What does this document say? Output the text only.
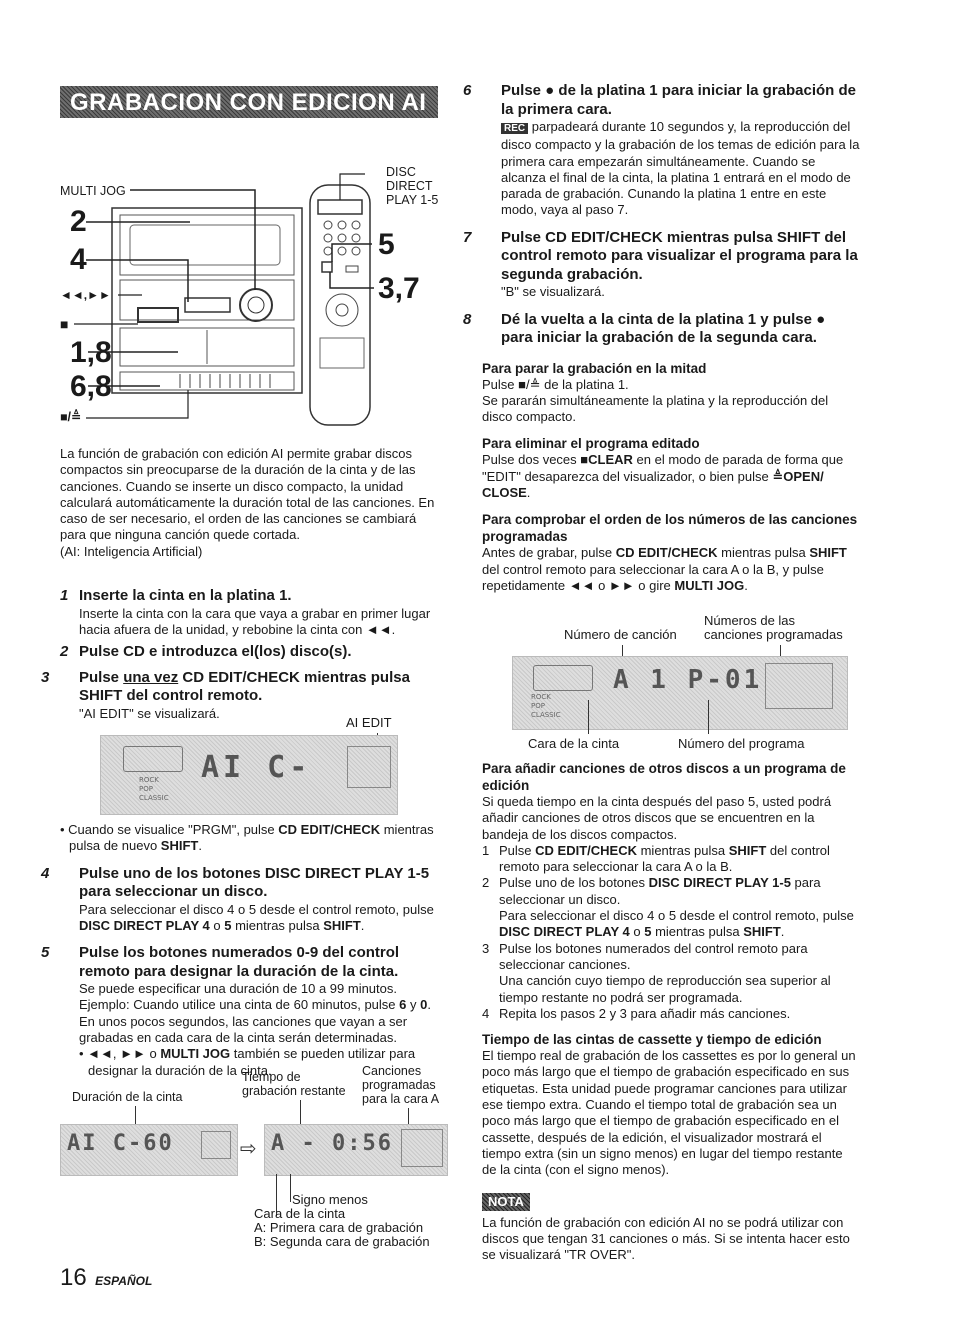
GRABACION CON EDICION AI
MULTI JOG
DISC
DIRECT
PLAY 1-5
2
4
◄◄,►►
■
1,8
6,8
■/≜
5
3,7

La función de grabación con edición AI permite grabar discos compactos sin preocuparse de la duración de la cinta y de las canciones. Cuando se inserte un disco compacto, la unidad calculará automáticamente la duración total de las canciones. En caso de ser necesario, el orden de las canciones se cambiará para que ninguna canción quede cortada.

(AI: Inteligencia Artificial)

1 Inserte la cinta en la platina 1.

Inserte la cinta con la cara que vaya a grabar en primer lugar hacia afuera de la unidad, y rebobine la cinta con ◄◄.

2 Pulse CD e introduzca el(los) disco(s).

3 Pulse una vez CD EDIT/CHECK mientras pulsa SHIFT del control remoto.

"AI EDIT" se visualizará.

AI EDIT
ROCK
POP
CLASSIC
AI C-

• Cuando se visualice "PRGM", pulse CD EDIT/CHECK mientras pulsa de nuevo SHIFT.

4 Pulse uno de los botones DISC DIRECT PLAY 1-5 para seleccionar un disco.

Para seleccionar el disco 4 o 5 desde el control remoto, pulse DISC DIRECT PLAY 4 o 5 mientras pulsa SHIFT.

5 Pulse los botones numerados 0-9 del control remoto para designar la duración de la cinta.

Se puede especificar una duración de 10 a 99 minutos.

Ejemplo: Cuando utilice una cinta de 60 minutos, pulse 6 y 0.

En unos pocos segundos, las canciones que vayan a ser grabadas en cada cara de la cinta serán determinadas.

• ◄◄, ►► o MULTI JOG también se pueden utilizar para designar la duración de la cinta.

Duración de la cinta
Tiempo de
grabación restante
Canciones
programadas
para la cara A
AI C-60	⇨ A - 0:56
Signo menos
Cara de la cinta
A: Primera cara de grabación
B: Segunda cara de grabación
16 ESPAÑOL

6 Pulse ● de la platina 1 para iniciar la grabación de la primera cara.

REC parpadeará durante 10 segundos y, la reproducción del disco compacto y la grabación de los temas de edición para la primera cara empezarán simultáneamente. Cuando se alcanza el final de la cinta, la platina 1 entrará en el modo de parada de grabación. Cunando la platina 1 entre en este modo, vaya al paso 7.

7 Pulse CD EDIT/CHECK mientras pulsa SHIFT del control remoto para visualizar el programa para la segunda grabación.

"B" se visualizará.

8 Dé la vuelta a la cinta de la platina 1 y pulse ● para iniciar la grabación de la segunda cara.

Para parar la grabación en la mitad

Pulse ■/≜ de la platina 1.

Se pararán simultáneamente la platina y la reproducción del disco compacto.

Para eliminar el programa editado

Pulse dos veces ■CLEAR en el modo de parada de forma que "EDIT" desaparezca del visualizador, o bien pulse ≜OPEN/ CLOSE.

Para comprobar el orden de los números de las canciones programadas

Antes de grabar, pulse CD EDIT/CHECK mientras pulsa SHIFT del control remoto para seleccionar la cara A o la B, y pulse repetidamente ◄◄ o ►► o gire MULTI JOG.

Números de las
canciones programadas
Número de canción
ROCK
POP
CLASSIC
A 1 P-01
Cara de la cinta	Número del programa

Para añadir canciones de otros discos a un programa de edición

Si queda tiempo en la cinta después del paso 5, usted podrá añadir canciones de otros discos que se encuentren en la bandeja de los discos compactos.

1 Pulse CD EDIT/CHECK mientras pulsa SHIFT del control remoto para seleccionar la cara A o la B.

2 Pulse uno de los botones DISC DIRECT PLAY 1-5 para seleccionar un disco.

Para seleccionar el disco 4 o 5 desde el control remoto, pulse DISC DIRECT PLAY 4 o 5 mientras pulsa SHIFT.

3 Pulse los botones numerados del control remoto para seleccionar canciones.

Una canción cuyo tiempo de reproducción sea superior al tiempo restante no podrá ser programada.

4 Repita los pasos 2 y 3 para añadir más canciones.

Tiempo de las cintas de cassette y tiempo de edición

El tiempo real de grabación de los cassettes es por lo general un poco más largo que el tiempo de grabación especificado en sus etiquetas. Esta unidad puede programar canciones para utilizar ese tiempo extra. Cuando el tiempo total de grabación sea un poco más largo que el tiempo de grabación especificado en el cassette, después de la edición, el visualizador mostrará el tiempo extra (sin un signo menos) en lugar del tiempo restante de la cinta (con el signo menos).

NOTA

La función de grabación con edición AI no se podrá utilizar con discos que tengan 31 canciones o más. Si se intenta hacer esto se visualizará "TR OVER".
